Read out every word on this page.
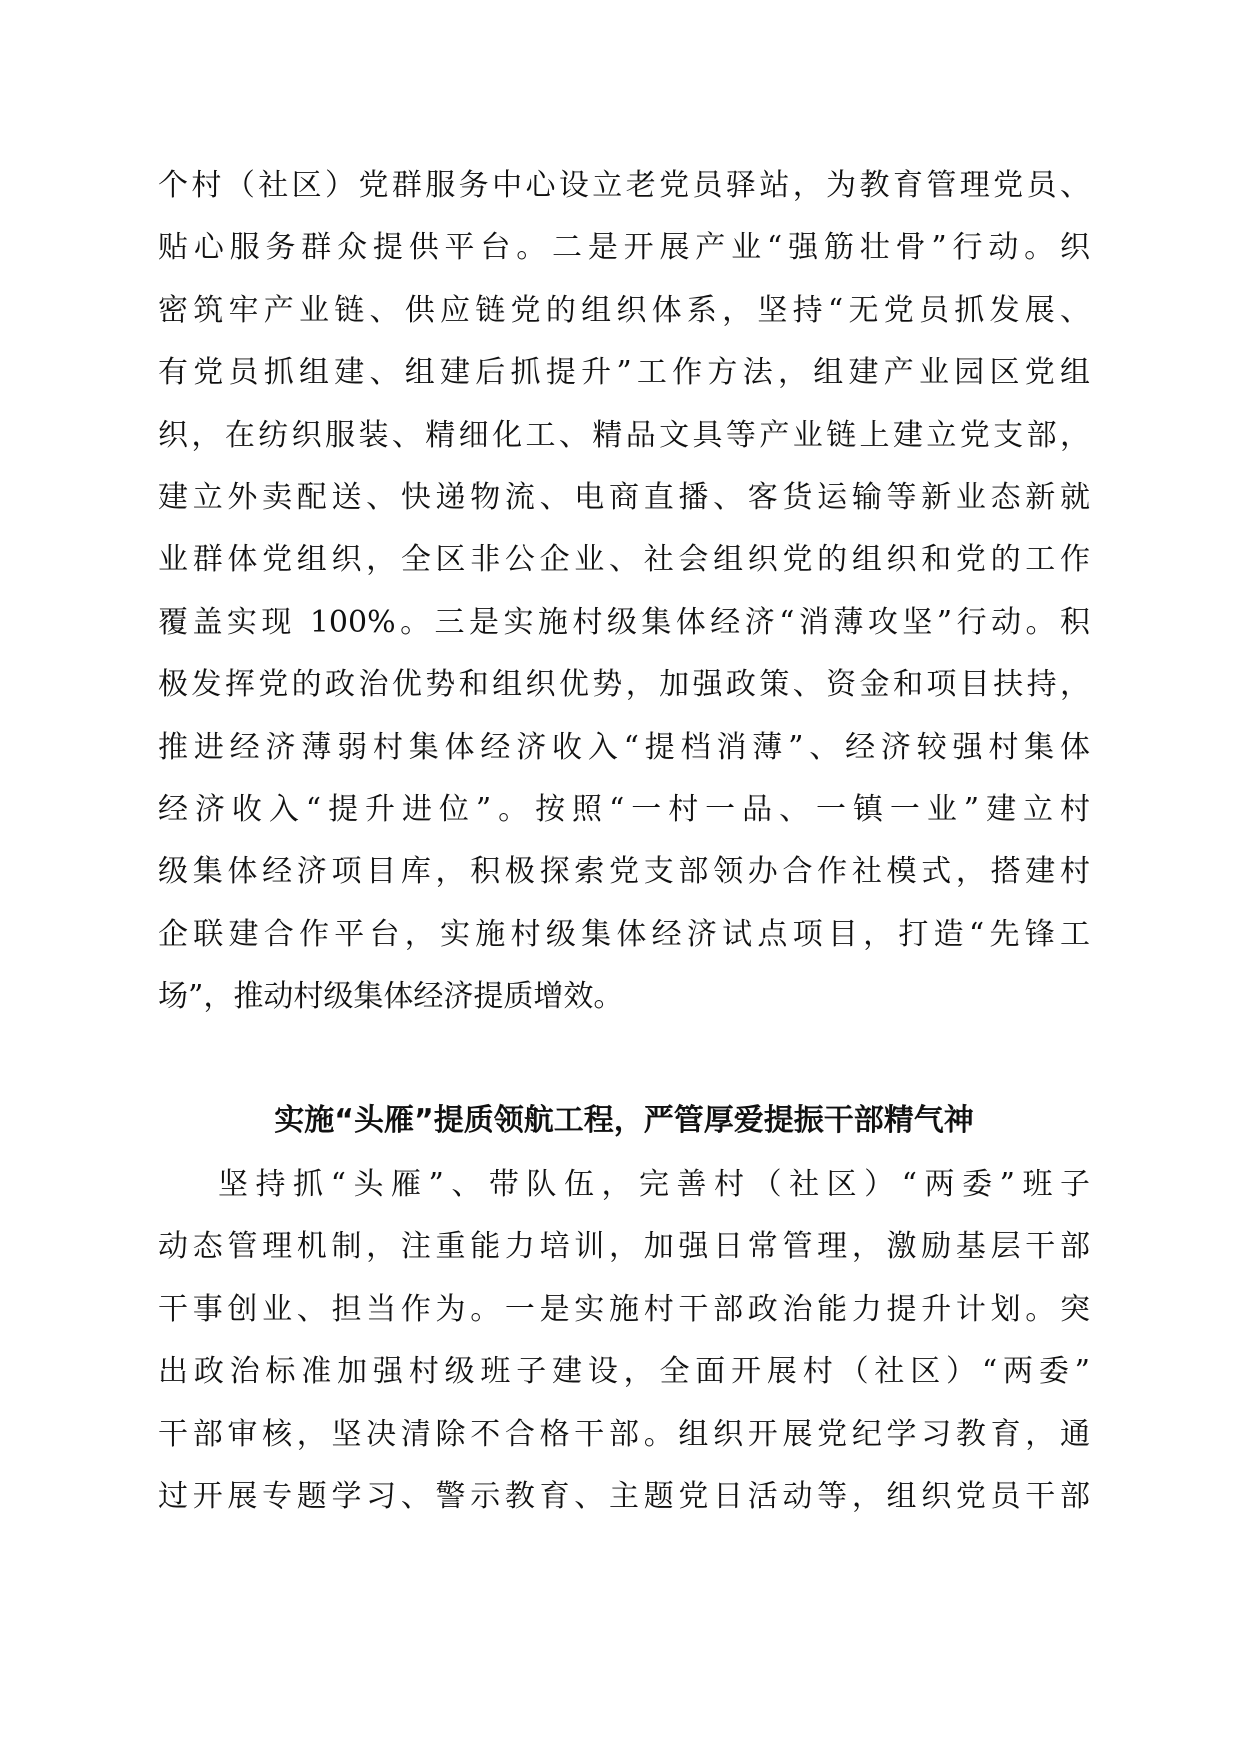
个村（社区）党群服务中心设立老党员驿站，为教育管理党员、
贴心服务群众提供平台。二是开展产业“强筋壮骨”行动。织
密筑牢产业链、供应链党的组织体系，坚持“无党员抓发展、
有党员抓组建、组建后抓提升”工作方法，组建产业园区党组
织，在纺织服装、精细化工、精品文具等产业链上建立党支部，
建立外卖配送、快递物流、电商直播、客货运输等新业态新就
业群体党组织，全区非公企业、社会组织党的组织和党的工作
覆盖实现 100%。三是实施村级集体经济“消薄攻坚”行动。积
极发挥党的政治优势和组织优势，加强政策、资金和项目扶持，
推进经济薄弱村集体经济收入“提档消薄”、经济较强村集体
经济收入“提升进位”。按照“一村一品、一镇一业”建立村
级集体经济项目库，积极探索党支部领办合作社模式，搭建村
企联建合作平台，实施村级集体经济试点项目，打造“先锋工
场”，推动村级集体经济提质增效。
实施“头雁”提质领航工程，严管厚爱提振干部精气神
坚持抓“头雁”、带队伍，完善村（社区）“两委”班子
动态管理机制，注重能力培训，加强日常管理，激励基层干部
干事创业、担当作为。一是实施村干部政治能力提升计划。突
出政治标准加强村级班子建设，全面开展村（社区）“两委”
干部审核，坚决清除不合格干部。组织开展党纪学习教育，通
过开展专题学习、警示教育、主题党日活动等，组织党员干部
